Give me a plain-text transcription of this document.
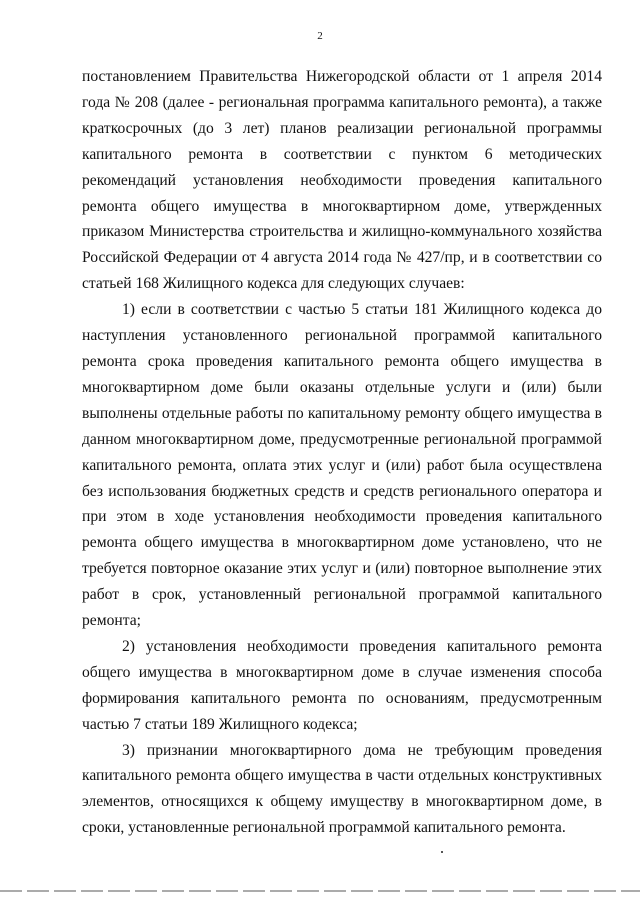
2

постановлением Правительства Нижегородской области от 1 апреля 2014 года № 208 (далее - региональная программа капитального ремонта), а также краткосрочных (до 3 лет) планов реализации региональной программы капитального ремонта в соответствии с пунктом 6 методических рекомендаций установления необходимости проведения капитального ремонта общего имущества в многоквартирном доме, утвержденных приказом Министерства строительства и жилищно-коммунального хозяйства Российской Федерации от 4 августа 2014 года № 427/пр, и в соответствии со статьей 168 Жилищного кодекса для следующих случаев:

1) если в соответствии с частью 5 статьи 181 Жилищного кодекса до наступления установленного региональной программой капитального ремонта срока проведения капитального ремонта общего имущества в многоквартирном доме были оказаны отдельные услуги и (или) были выполнены отдельные работы по капитальному ремонту общего имущества в данном многоквартирном доме, предусмотренные региональной программой капитального ремонта, оплата этих услуг и (или) работ была осуществлена без использования бюджетных средств и средств регионального оператора и при этом в ходе установления необходимости проведения капитального ремонта общего имущества в многоквартирном доме установлено, что не требуется повторное оказание этих услуг и (или) повторное выполнение этих работ в срок, установленный региональной программой капитального ремонта;

2) установления необходимости проведения капитального ремонта общего имущества в многоквартирном доме в случае изменения способа формирования капитального ремонта по основаниям, предусмотренным частью 7 статьи 189 Жилищного кодекса;

3) признании многоквартирного дома не требующим проведения капитального ремонта общего имущества в части отдельных конструктивных элементов, относящихся к общему имуществу в многоквартирном доме, в сроки, установленные региональной программой капитального ремонта.
